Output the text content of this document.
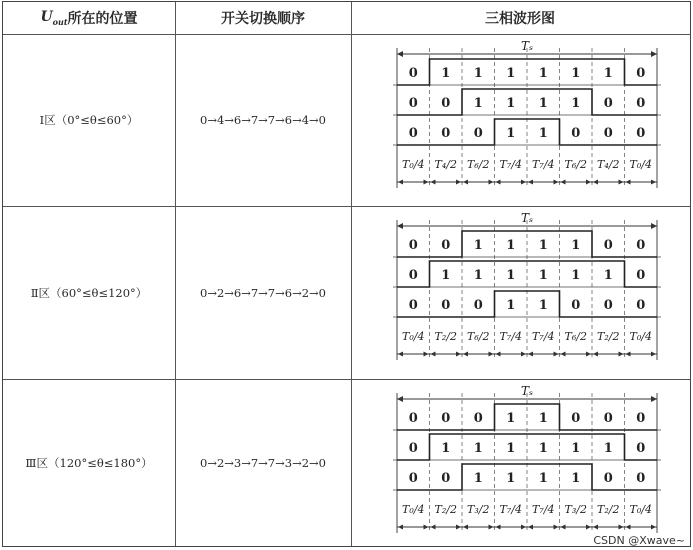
$U_{out}$ 所在的位置	开关切换顺序	三相波形图
Ⅰ区（0°≤θ≤60°）	0→4→6→7→7→6→4→0
Tₛ
0 1 1 1 1 1 1 0
0 0 1 1 1 1 0 0
0 0 0 1 1 0 0 0
T₀/4 T₄/2 T₆/2 T₇/4 T₇/4 T₆/2 T₄/2 T₀/4
Ⅱ区（60°≤θ≤120°）	0→2→6→7→7→6→2→0
Tₛ
0 0 1 1 1 1 0 0
0 1 1 1 1 1 1 0
0 0 0 1 1 0 0 0
T₀/4 T₂/2 T₆/2 T₇/4 T₇/4 T₆/2 T₂/2 T₀/4
Ⅲ区（120°≤θ≤180°）	0→2→3→7→7→3→2→0
Tₛ
0 0 0 1 1 0 0 0
0 1 1 1 1 1 1 0
0 0 1 1 1 1 0 0
T₀/4 T₂/2 T₃/2 T₇/4 T₇/4 T₃/2 T₂/2 T₀/4
CSDN @Xwave~
